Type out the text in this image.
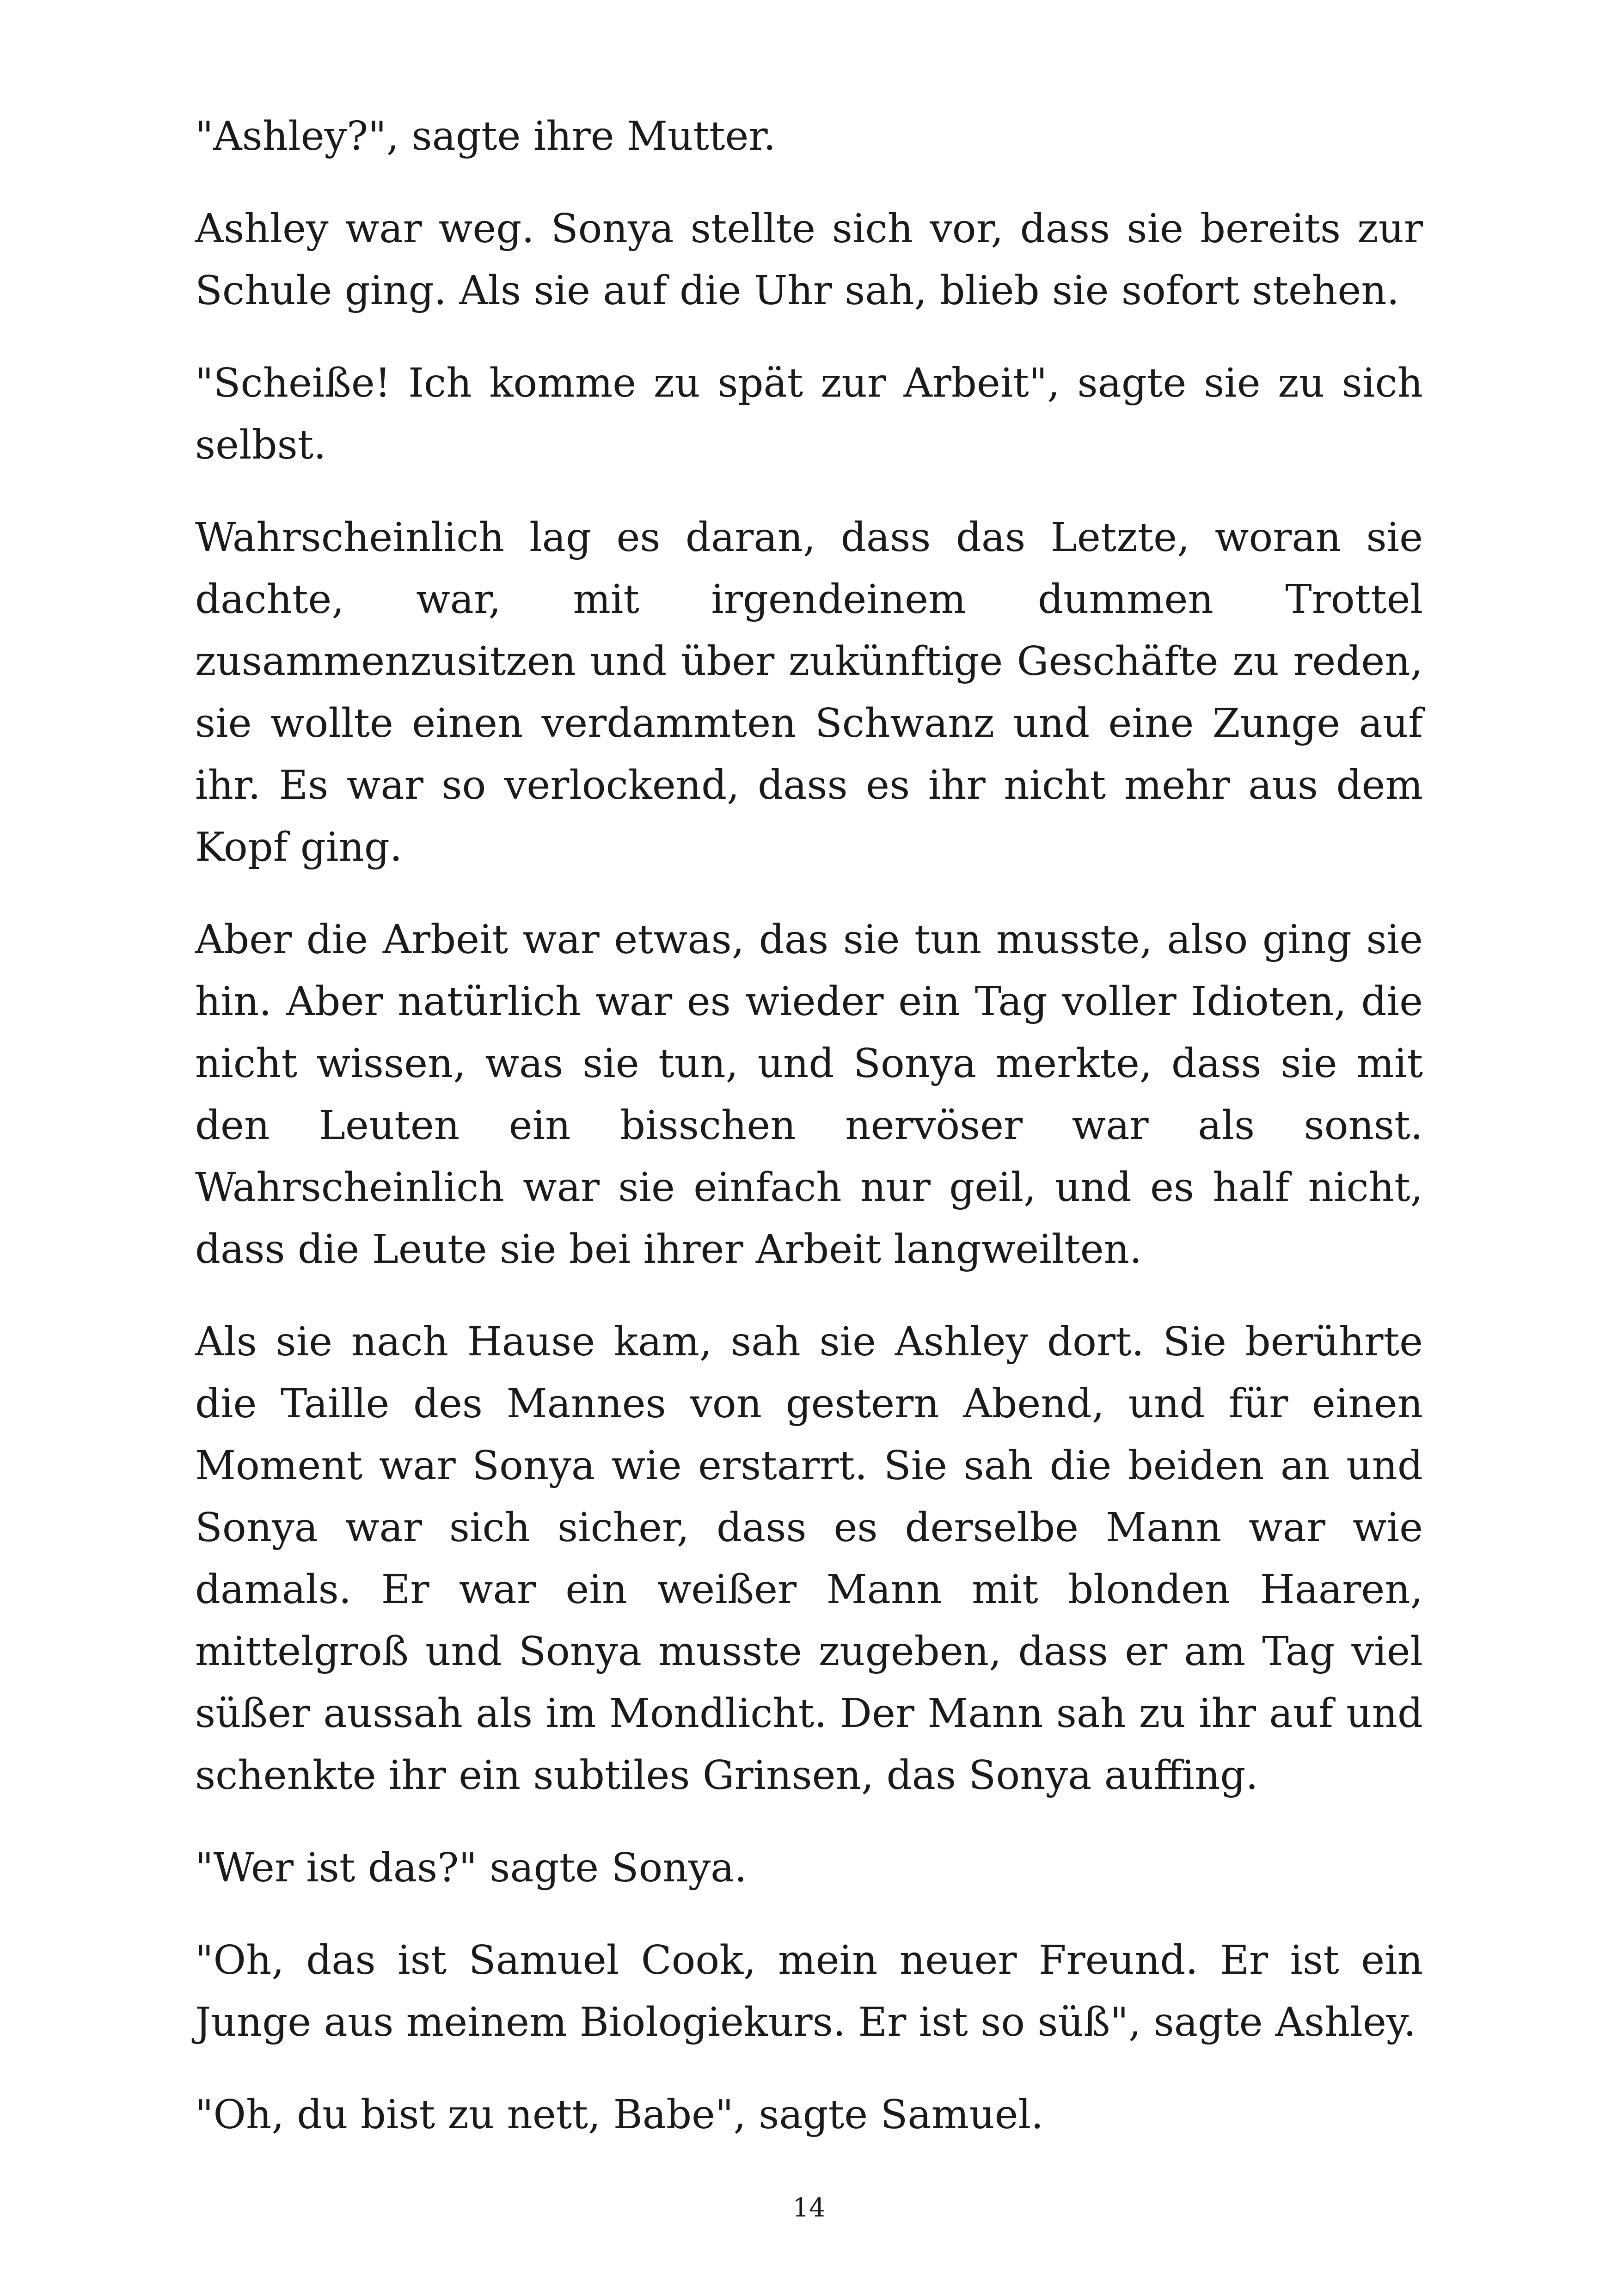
"Ashley?", sagte ihre Mutter.

Ashley war weg. Sonya stellte sich vor, dass sie bereits zur Schule ging. Als sie auf die Uhr sah, blieb sie sofort stehen.

"Scheiße! Ich komme zu spät zur Arbeit", sagte sie zu sich selbst.

Wahrscheinlich lag es daran, dass das Letzte, woran sie dachte, war, mit irgendeinem dummen Trottel zusammenzusitzen und über zukünftige Geschäfte zu reden, sie wollte einen verdammten Schwanz und eine Zunge auf ihr. Es war so verlockend, dass es ihr nicht mehr aus dem Kopf ging.

Aber die Arbeit war etwas, das sie tun musste, also ging sie hin. Aber natürlich war es wieder ein Tag voller Idioten, die nicht wissen, was sie tun, und Sonya merkte, dass sie mit den Leuten ein bisschen nervöser war als sonst. Wahrscheinlich war sie einfach nur geil, und es half nicht, dass die Leute sie bei ihrer Arbeit langweilten.

Als sie nach Hause kam, sah sie Ashley dort. Sie berührte die Taille des Mannes von gestern Abend, und für einen Moment war Sonya wie erstarrt. Sie sah die beiden an und Sonya war sich sicher, dass es derselbe Mann war wie damals. Er war ein weißer Mann mit blonden Haaren, mittelgroß und Sonya musste zugeben, dass er am Tag viel süßer aussah als im Mondlicht. Der Mann sah zu ihr auf und schenkte ihr ein subtiles Grinsen, das Sonya auffing.

"Wer ist das?" sagte Sonya.

"Oh, das ist Samuel Cook, mein neuer Freund. Er ist ein Junge aus meinem Biologiekurs. Er ist so süß", sagte Ashley.

"Oh, du bist zu nett, Babe", sagte Samuel.

14
